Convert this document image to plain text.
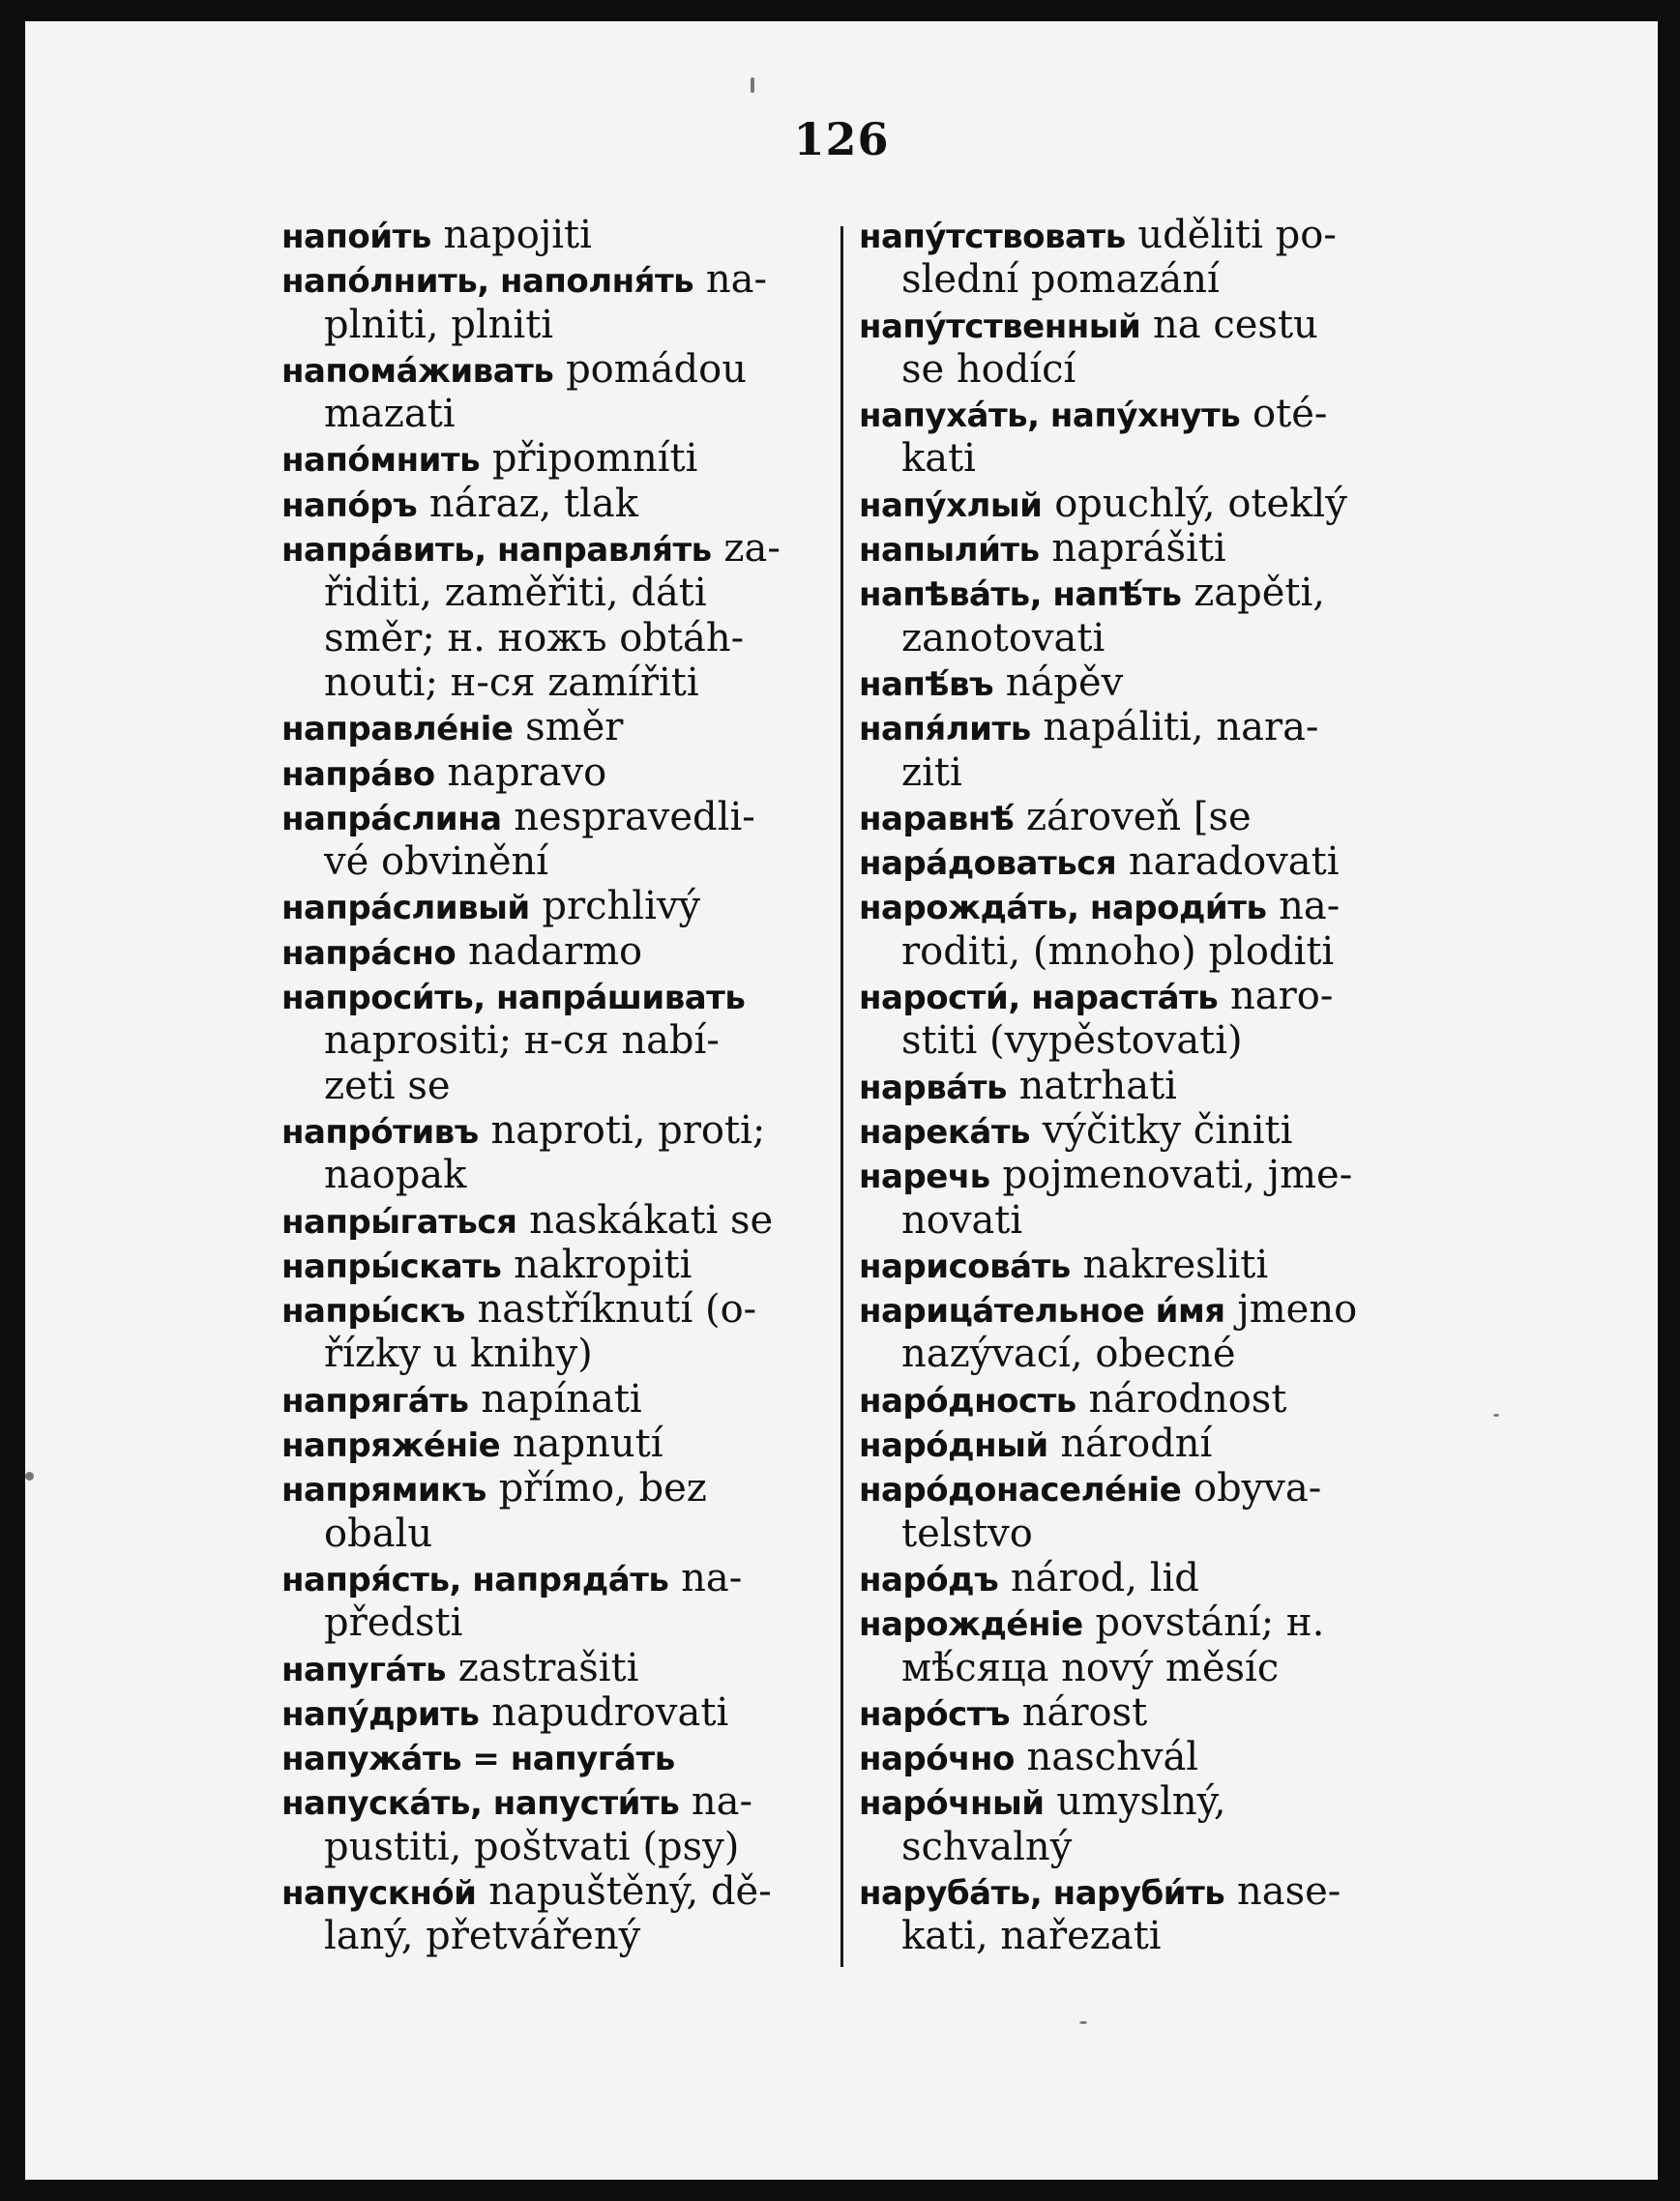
126
напои́ть napojiti
напо́лнить, наполня́ть na-
plniti, plniti
напома́живать pomádou
mazati
напо́мнить připomníti
напо́ръ náraz, tlak
напра́вить, направля́ть za-
řiditi, zaměřiti, dáti
směr; н. ножъ obtáh-
nouti; н-ся zamířiti
направле́ніе směr
напра́во napravo
напра́слина nespravedli-
vé obvinění
напра́сливый prchlivý
напра́сно nadarmo
напроси́ть, напра́шивать
naprositi; н-ся nabí-
zeti se
напро́тивъ naproti, proti;
naopak
напры́гаться naskákati se
напры́скать nakropiti
напры́скъ nastříknutí (o-
řízky u knihy)
напряга́ть napínati
напряже́ніе napnutí
напрямикъ přímo, bez
obalu
напря́сть, напряда́ть na-
předsti
напуга́ть zastrašiti
напу́дрить napudrovati
напужа́ть = напуга́ть
напуска́ть, напусти́ть na-
pustiti, poštvati (psy)
напускно́й napuštěný, dě-
laný, přetvářený
напу́тствовать uděliti po-
slední pomazání
напу́тственный na cestu
se hodící
напуха́ть, напу́хнуть oté-
kati
напу́хлый opuchlý, oteklý
напыли́ть naprášiti
напѣва́ть, напѣ́ть zapěti,
zanotovati
напѣ́въ nápěv
напя́лить napáliti, nara-
ziti
наравнѣ́ zároveň [se
нара́доваться naradovati
нарожда́ть, народи́ть na-
roditi, (mnoho) ploditi
нарости́, нараста́ть naro-
stiti (vypěstovati)
нарва́ть natrhati
нарека́ть výčitky činiti
наречь pojmenovati, jme-
novati
нарисова́ть nakresliti
нарица́тельное и́мя jmeno
nazývací, obecné
наро́дность národnost
наро́дный národní
наро́донаселе́ніе obyva-
telstvo
наро́дъ národ, lid
нарожде́ніе povstání; н.
мѣ́сяца nový měsíc
наро́стъ nárost
наро́чно naschvál
наро́чный umyslný,
schvalný
наруба́ть, наруби́ть nase-
kati, nařezati
